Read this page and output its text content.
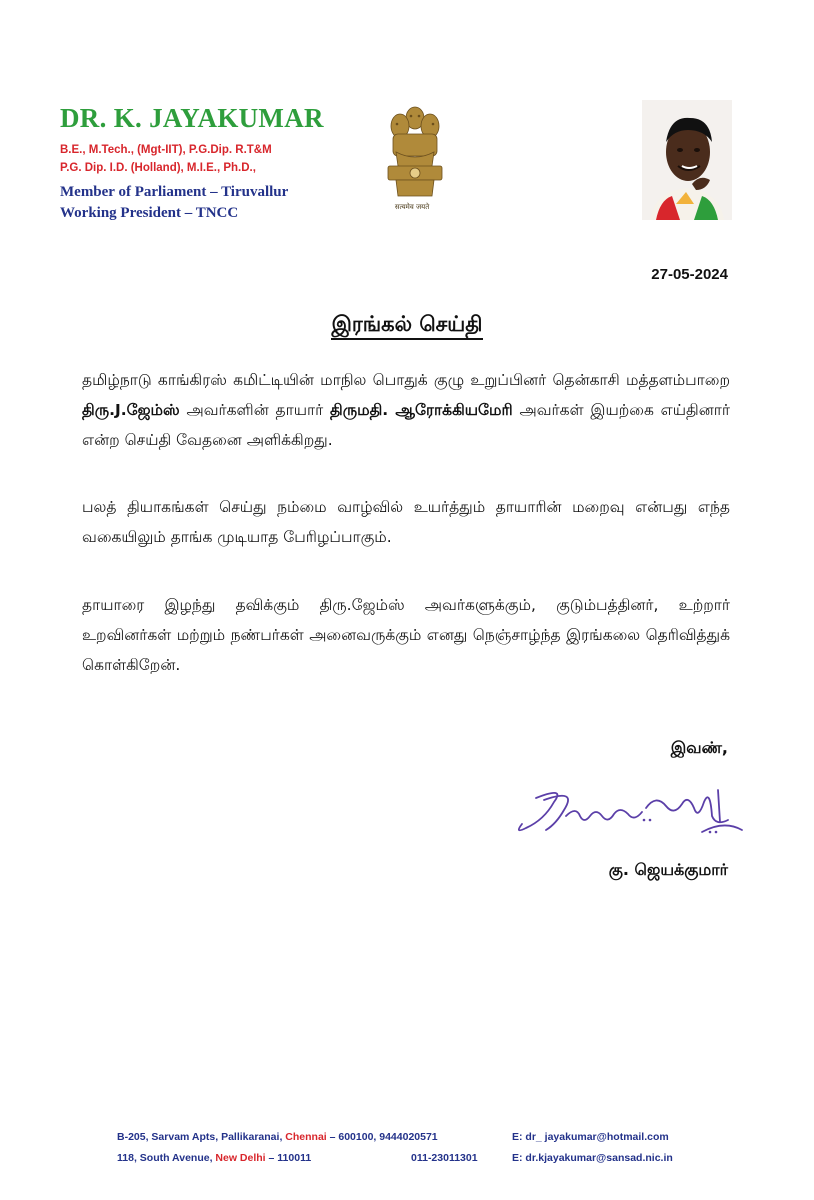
DR. K. JAYAKUMAR
B.E., M.Tech., (Mgt-IIT), P.G.Dip. R.T&M
P.G. Dip. I.D. (Holland), M.I.E., Ph.D.,
Member of Parliament – Tiruvallur
Working President – TNCC	सत्यमेव जयते
27-05-2024
இரங்கல் செய்தி
தமிழ்நாடு காங்கிரஸ் கமிட்டியின் மாநில பொதுக் குழு உறுப்பினர் தென்காசி மத்தளம்பாறை திரு.J.ஜேம்ஸ் அவர்களின் தாயார் திருமதி. ஆரோக்கியமேரி அவர்கள் இயற்கை எய்தினார் என்ற செய்தி வேதனை அளிக்கிறது.
பலத் தியாகங்கள் செய்து நம்மை வாழ்வில் உயர்த்தும் தாயாரின் மறைவு என்பது எந்த வகையிலும் தாங்க முடியாத பேரிழப்பாகும்.
தாயாரை இழந்து தவிக்கும் திரு.ஜேம்ஸ் அவர்களுக்கும், குடும்பத்தினர், உற்றார் உறவினர்கள் மற்றும் நண்பர்கள் அனைவருக்கும் எனது நெஞ்சாழ்ந்த இரங்கலை தெரிவித்துக் கொள்கிறேன்.
இவண்,
கு. ஜெயக்குமார்
B-205, Sarvam Apts, Pallikaranai, Chennai – 600100, 9444020571	E: dr_ jayakumar@hotmail.com
118, South Avenue, New Delhi – 110011	011-23011301	E: dr.kjayakumar@sansad.nic.in
